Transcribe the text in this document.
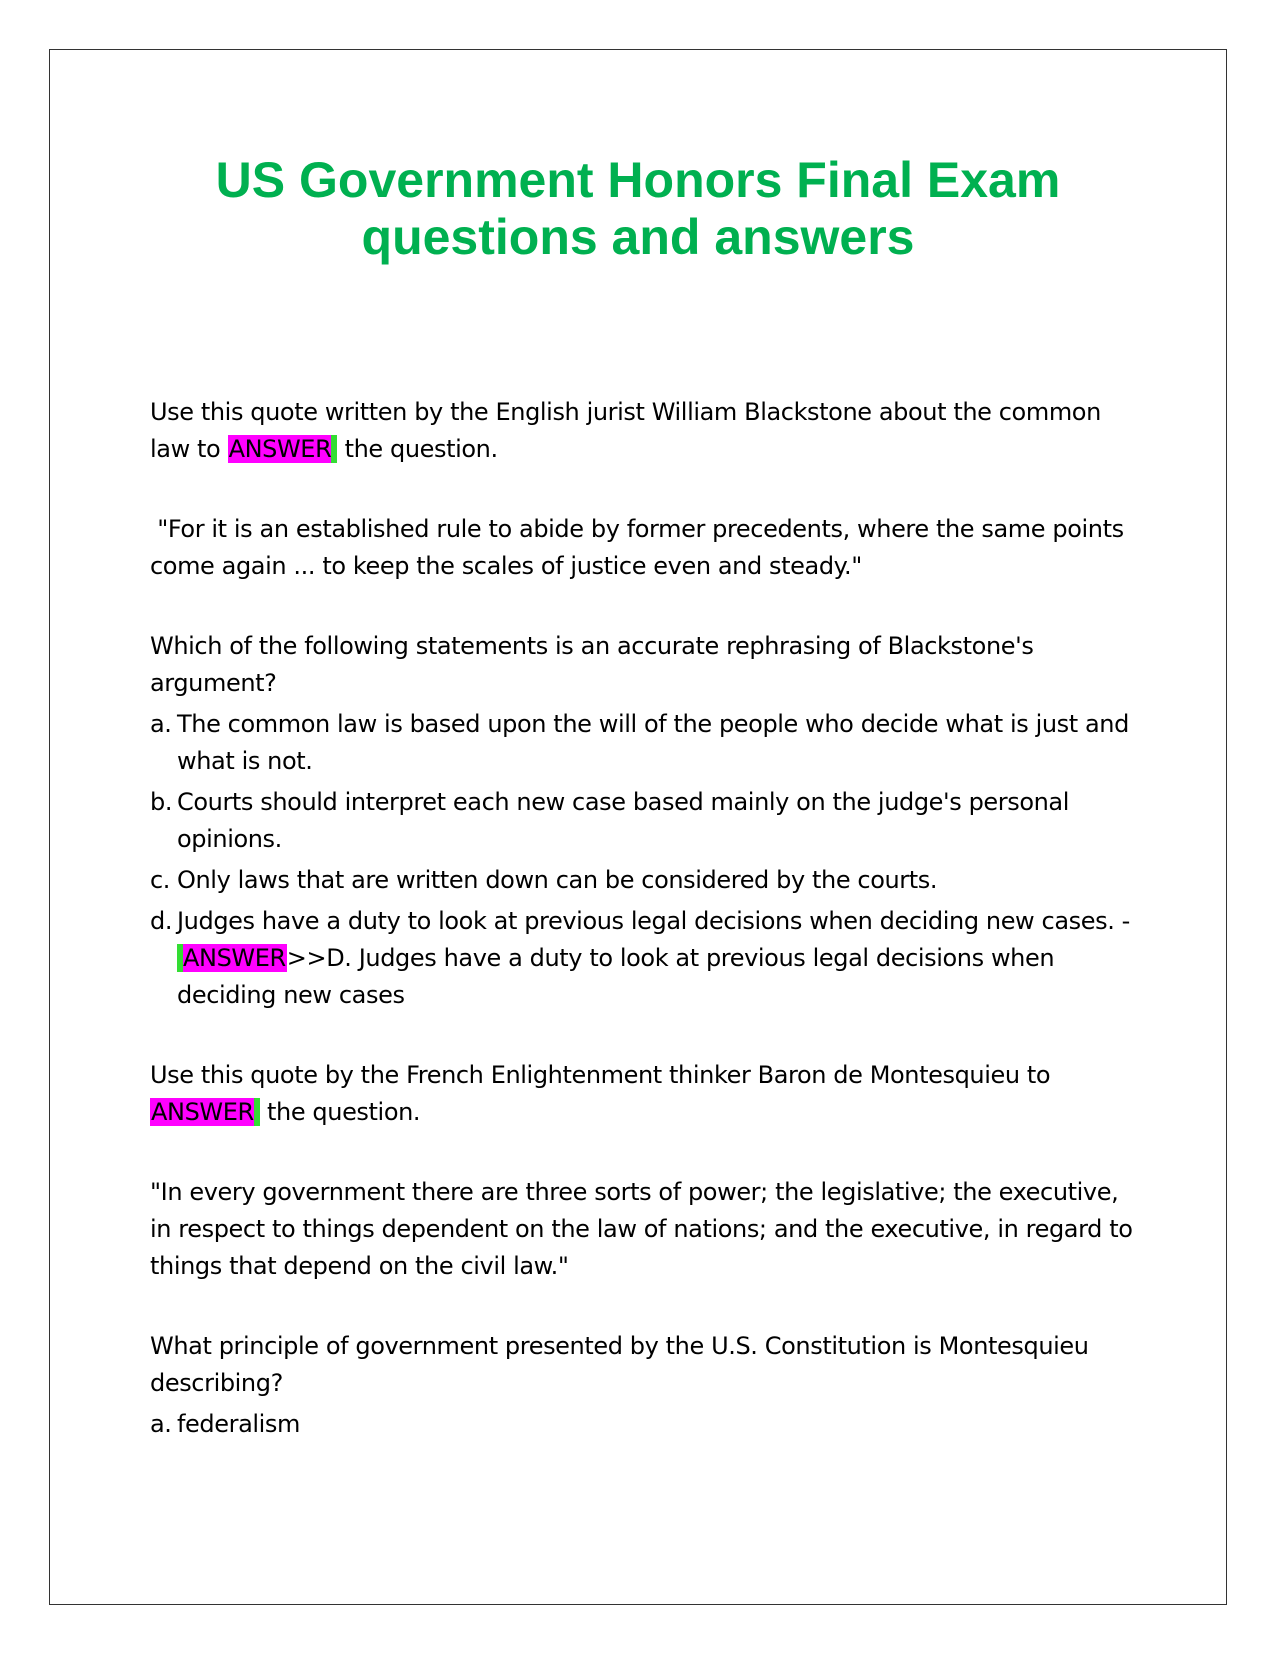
US Government Honors Final Exam
questions and answers

Use this quote written by the English jurist William Blackstone about the common law to ANSWER the question.

"For it is an established rule to abide by former precedents, where the same points come again ... to keep the scales of justice even and steady."

Which of the following statements is an accurate rephrasing of Blackstone's argument?

a. The common law is based upon the will of the people who decide what is just and what is not.
b. Courts should interpret each new case based mainly on the judge's personal opinions.
c. Only laws that are written down can be considered by the courts.
d. Judges have a duty to look at previous legal decisions when deciding new cases. - ANSWER>>D. Judges have a duty to look at previous legal decisions when deciding new cases

Use this quote by the French Enlightenment thinker Baron de Montesquieu to ANSWER the question.

"In every government there are three sorts of power; the legislative; the executive, in respect to things dependent on the law of nations; and the executive, in regard to things that depend on the civil law."

What principle of government presented by the U.S. Constitution is Montesquieu describing?

a. federalism
